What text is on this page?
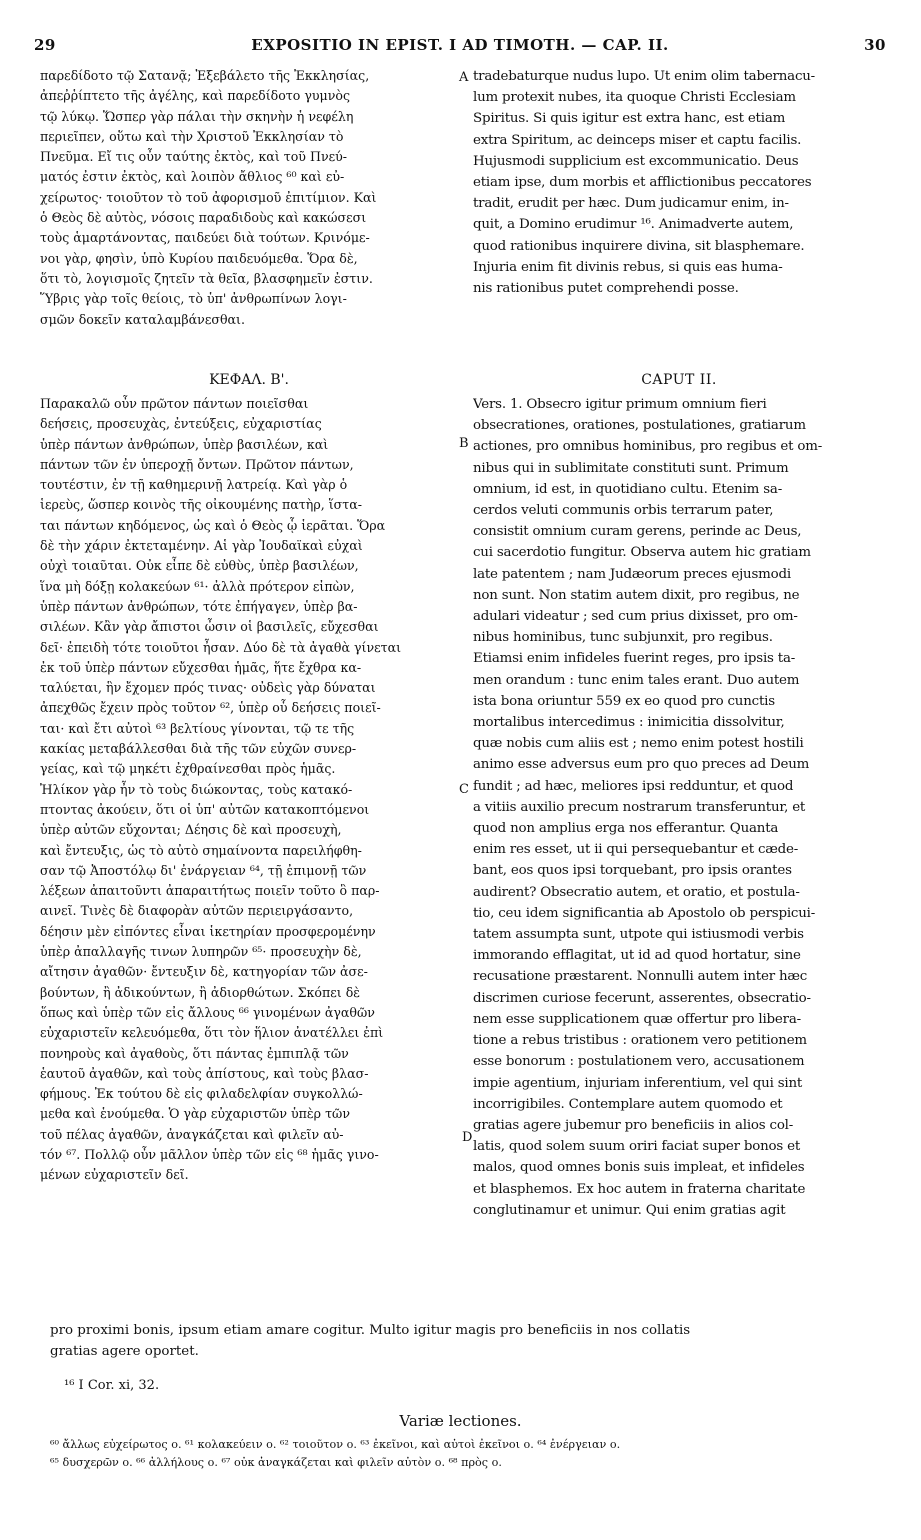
29	EXPOSITIO IN EPIST. I AD TIMOTH. — CAP. II.	30
παρεδίδοτο τῷ Σατανᾷ; Ἐξεβάλετο τῆς Ἐκκλησίας,
ἀπεῤῥίπτετο τῆς ἀγέλης, καὶ παρεδίδοτο γυμνὸς
τῷ λύκῳ. Ὥσπερ γὰρ πάλαι τὴν σκηνὴν ἡ νεφέλη
περιεῖπεν, οὕτω καὶ τὴν Χριστοῦ Ἐκκλησίαν τὸ
Πνεῦμα. Εἴ τις οὖν ταύτης ἐκτὸς, καὶ τοῦ Πνεύ-
ματός ἐστιν ἐκτὸς, καὶ λοιπὸν ἄθλιος ⁶⁰ καὶ εὐ-
χείρωτος· τοιοῦτον τὸ τοῦ ἀφορισμοῦ ἐπιτίμιον. Καὶ
ὁ Θεὸς δὲ αὐτὸς, νόσοις παραδιδοὺς καὶ κακώσεσι
τοὺς ἁμαρτάνοντας, παιδεύει διὰ τούτων. Κρινόμε-
νοι γὰρ, φησὶν, ὑπὸ Κυρίου παιδευόμεθα. Ὅρα δὲ,
ὅτι τὸ, λογισμοῖς ζητεῖν τὰ θεῖα, βλασφημεῖν ἐστιν.
Ὕβρις γὰρ τοῖς θείοις, τὸ ὑπ' ἀνθρωπίνων λογι-
σμῶν δοκεῖν καταλαμβάνεσθαι.
tradebaturque nudus lupo. Ut enim olim tabernacu-
lum protexit nubes, ita quoque Christi Ecclesiam
Spiritus. Si quis igitur est extra hanc, est etiam
extra Spiritum, ac deinceps miser et captu facilis.
Hujusmodi supplicium est excommunicatio. Deus
etiam ipse, dum morbis et afflictionibus peccatores
tradit, erudit per hæc. Dum judicamur enim, in-
quit, a Domino erudimur ¹⁶. Animadverte autem,
quod rationibus inquirere divina, sit blasphemare.
Injuria enim fit divinis rebus, si quis eas huma-
nis rationibus putet comprehendi posse.
ΚΕΦΑΛ. Β'.	CAPUT II.
Παρακαλῶ οὖν πρῶτον πάντων ποιεῖσθαι
δεήσεις, προσευχὰς, ἐντεύξεις, εὐχαριστίας
ὑπὲρ πάντων ἀνθρώπων, ὑπὲρ βασιλέων, καὶ
πάντων τῶν ἐν ὑπεροχῇ ὄντων. Πρῶτον πάντων,
τουτέστιν, ἐν τῇ καθημερινῇ λατρείᾳ. Καὶ γὰρ ὁ
ἱερεὺς, ὥσπερ κοινὸς τῆς οἰκουμένης πατὴρ, ἵστα-
ται πάντων κηδόμενος, ὡς καὶ ὁ Θεὸς ᾧ ἱερᾶται. Ὅρα
δὲ τὴν χάριν ἐκτεταμένην. Αἱ γὰρ Ἰουδαϊκαὶ εὐχαὶ
οὐχὶ τοιαῦται. Οὐκ εἶπε δὲ εὐθὺς, ὑπὲρ βασιλέων,
ἵνα μὴ δόξῃ κολακεύων ⁶¹· ἀλλὰ πρότερον εἰπὼν,
ὑπὲρ πάντων ἀνθρώπων, τότε ἐπήγαγεν, ὑπὲρ βα-
σιλέων. Κἂν γὰρ ἄπιστοι ὦσιν οἱ βασιλεῖς, εὔχεσθαι
δεῖ· ἐπειδὴ τότε τοιοῦτοι ἦσαν. Δύο δὲ τὰ ἀγαθὰ γίνεται
ἐκ τοῦ ὑπὲρ πάντων εὔχεσθαι ἡμᾶς, ἥτε ἔχθρα κα-
ταλύεται, ἣν ἔχομεν πρός τινας· οὐδεὶς γὰρ δύναται
ἀπεχθῶς ἔχειν πρὸς τοῦτον ⁶², ὑπὲρ οὗ δεήσεις ποιεῖ-
ται· καὶ ἔτι αὐτοὶ ⁶³ βελτίους γίνονται, τῷ τε τῆς
κακίας μεταβάλλεσθαι διὰ τῆς τῶν εὐχῶν συνερ-
γείας, καὶ τῷ μηκέτι ἐχθραίνεσθαι πρὸς ἡμᾶς.
Ἠλίκον γὰρ ἦν τὸ τοὺς διώκοντας, τοὺς κατακό-
πτοντας ἀκούειν, ὅτι οἱ ὑπ' αὐτῶν κατακοπτόμενοι
ὑπὲρ αὐτῶν εὔχονται; Δέησις δὲ καὶ προσευχὴ,
καὶ ἔντευξις, ὡς τὸ αὐτὸ σημαίνοντα παρειλήφθη-
σαν τῷ Ἀποστόλῳ δι' ἐνάργειαν ⁶⁴, τῇ ἐπιμονῇ τῶν
λέξεων ἀπαιτοῦντι ἀπαραιτήτως ποιεῖν τοῦτο ὃ παρ-
αινεῖ. Τινὲς δὲ διαφορὰν αὐτῶν περιειργάσαντο,
δέησιν μὲν εἰπόντες εἶναι ἱκετηρίαν προσφερομένην
ὑπὲρ ἀπαλλαγῆς τινων λυπηρῶν ⁶⁵· προσευχὴν δὲ,
αἴτησιν ἀγαθῶν· ἔντευξιν δὲ, κατηγορίαν τῶν ἀσε-
βούντων, ἢ ἀδικούντων, ἢ ἀδιορθώτων. Σκόπει δὲ
ὅπως καὶ ὑπὲρ τῶν εἰς ἄλλους ⁶⁶ γινομένων ἀγαθῶν
εὐχαριστεῖν κελευόμεθα, ὅτι τὸν ἥλιον ἀνατέλλει ἐπὶ
πονηροὺς καὶ ἀγαθοὺς, ὅτι πάντας ἐμπιπλᾷ τῶν
ἑαυτοῦ ἀγαθῶν, καὶ τοὺς ἀπίστους, καὶ τοὺς βλασ-
φήμους. Ἐκ τούτου δὲ εἰς φιλαδελφίαν συγκολλώ-
μεθα καὶ ἑνούμεθα. Ὁ γὰρ εὐχαριστῶν ὑπὲρ τῶν
τοῦ πέλας ἀγαθῶν, ἀναγκάζεται καὶ φιλεῖν αὐ-
τόν ⁶⁷. Πολλῷ οὖν μᾶλλον ὑπὲρ τῶν εἰς ⁶⁸ ἡμᾶς γινο-
μένων εὐχαριστεῖν δεῖ.
Vers. 1. Obsecro igitur primum omnium fieri
obsecrationes, orationes, postulationes, gratiarum
actiones, pro omnibus hominibus, pro regibus et om-
nibus qui in sublimitate constituti sunt. Primum
omnium, id est, in quotidiano cultu. Etenim sa-
cerdos veluti communis orbis terrarum pater,
consistit omnium curam gerens, perinde ac Deus,
cui sacerdotio fungitur. Observa autem hic gratiam
late patentem ; nam Judæorum preces ejusmodi
non sunt. Non statim autem dixit, pro regibus, ne
adulari videatur ; sed cum prius dixisset, pro om-
nibus hominibus, tunc subjunxit, pro regibus.
Etiamsi enim infideles fuerint reges, pro ipsis ta-
men orandum : tunc enim tales erant. Duo autem
ista bona oriuntur 559 ex eo quod pro cunctis
mortalibus intercedimus : inimicitia dissolvitur,
quæ nobis cum aliis est ; nemo enim potest hostili
animo esse adversus eum pro quo preces ad Deum
fundit ; ad hæc, meliores ipsi redduntur, et quod
a vitiis auxilio precum nostrarum transferuntur, et
quod non amplius erga nos efferantur. Quanta
enim res esset, ut ii qui persequebantur et cæde-
bant, eos quos ipsi torquebant, pro ipsis orantes
audirent? Obsecratio autem, et oratio, et postula-
tio, ceu idem significantia ab Apostolo ob perspicui-
tatem assumpta sunt, utpote qui istiusmodi verbis
immorando efflagitat, ut id ad quod hortatur, sine
recusatione præstarent. Nonnulli autem inter hæc
discrimen curiose fecerunt, asserentes, obsecratio-
nem esse supplicationem quæ offertur pro libera-
tione a rebus tristibus : orationem vero petitionem
esse bonorum : postulationem vero, accusationem
impie agentium, injuriam inferentium, vel qui sint
incorrigibiles. Contemplare autem quomodo et
gratias agere jubemur pro beneficiis in alios col-
latis, quod solem suum oriri faciat super bonos et
malos, quod omnes bonis suis impleat, et infideles
et blasphemos. Ex hoc autem in fraterna charitate
conglutinamur et unimur. Qui enim gratias agit
A
B
C
D
pro proximi bonis, ipsum etiam amare cogitur. Multo igitur magis pro beneficiis in nos collatis
gratias agere oportet.
¹⁶ I Cor. xi, 32.
Variæ lectiones.
⁶⁰ ἄλλως εὐχείρωτος ο. ⁶¹ κολακεύειν ο. ⁶² τοιοῦτον ο. ⁶³ ἐκεῖνοι, καὶ αὐτοὶ ἐκεῖνοι ο. ⁶⁴ ἐνέργειαν ο.
⁶⁵ δυσχερῶν ο. ⁶⁶ ἀλλήλους ο. ⁶⁷ οὐκ ἀναγκάζεται καὶ φιλεῖν αὐτὸν ο. ⁶⁸ πρὸς ο.
